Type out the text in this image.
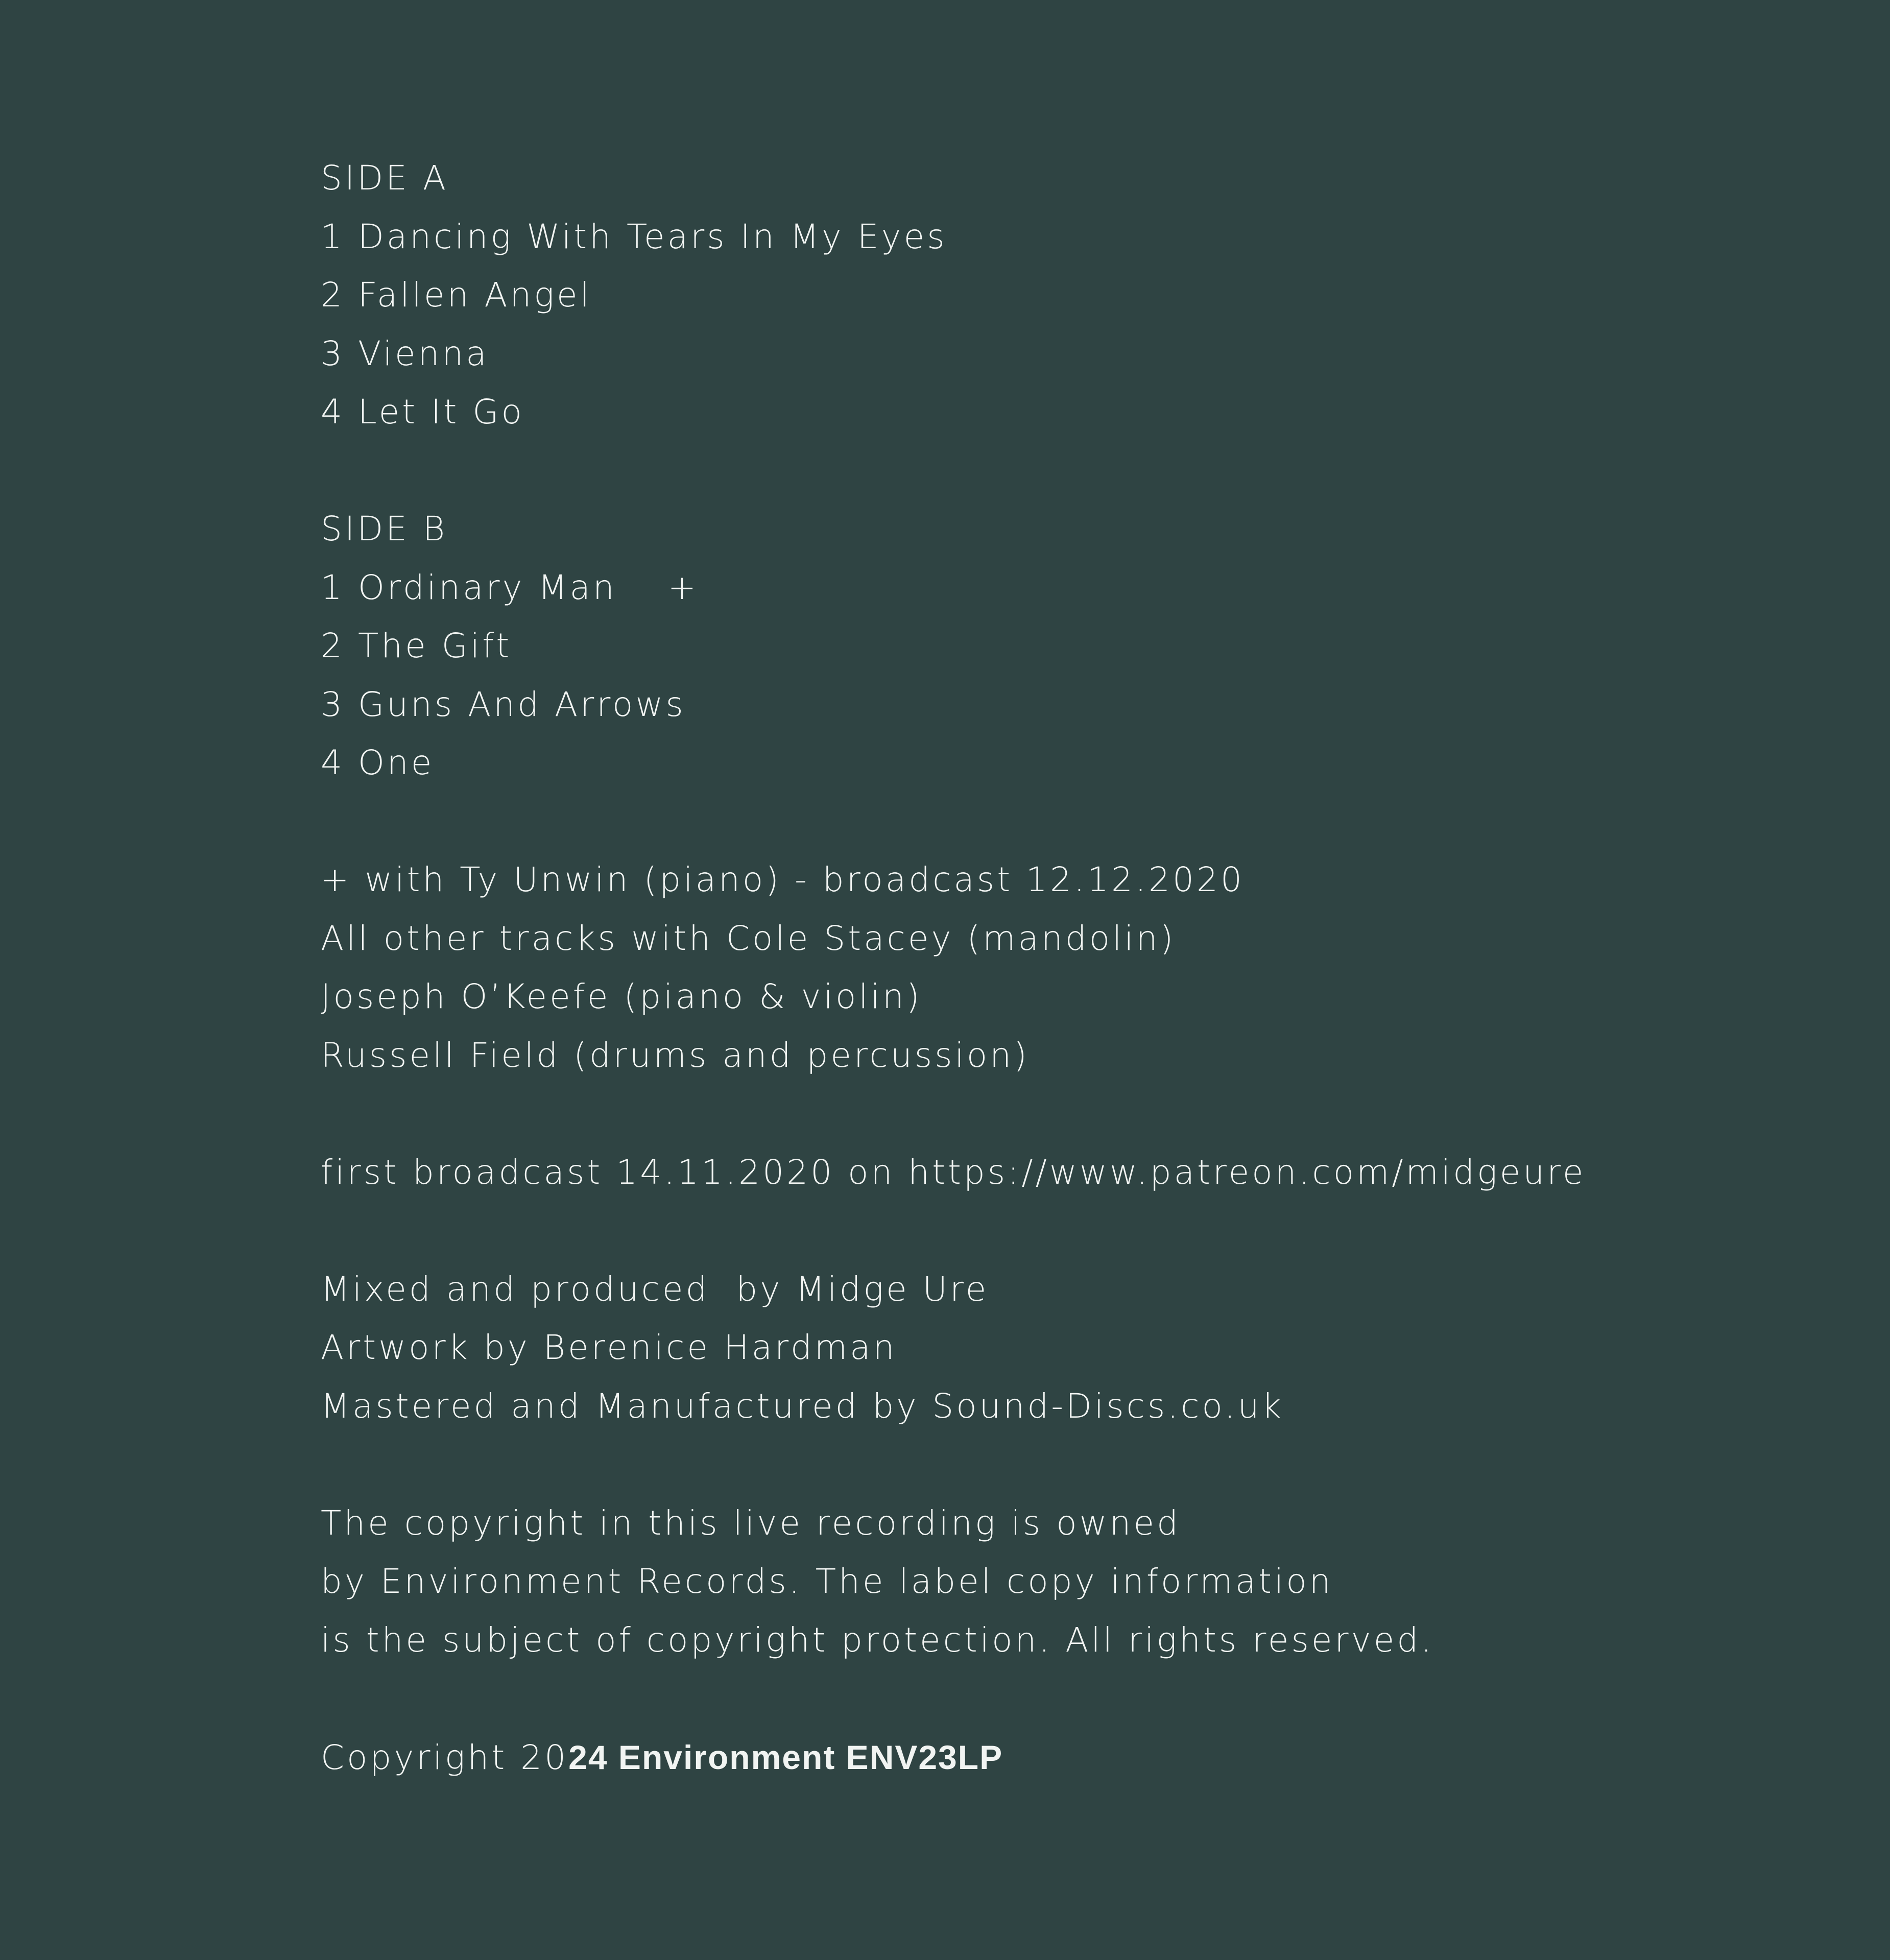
SIDE A
1 Dancing With Tears In My Eyes
2 Fallen Angel
3 Vienna
4 Let It Go
SIDE B
1 Ordinary Man +
2 The Gift
3 Guns And Arrows
4 One
+ with Ty Unwin (piano) - broadcast 12.12.2020
All other tracks with Cole Stacey (mandolin)
Joseph O’Keefe (piano & violin)
Russell Field (drums and percussion)
first broadcast 14.11.2020 on https://www.patreon.com/midgeure
Mixed and produced  by Midge Ure
Artwork by Berenice Hardman
Mastered and Manufactured by Sound-Discs.co.uk
The copyright in this live recording is owned
by Environment Records. The label copy information
is the subject of copyright protection. All rights reserved.
Copyright 2024 Environment ENV23LP
